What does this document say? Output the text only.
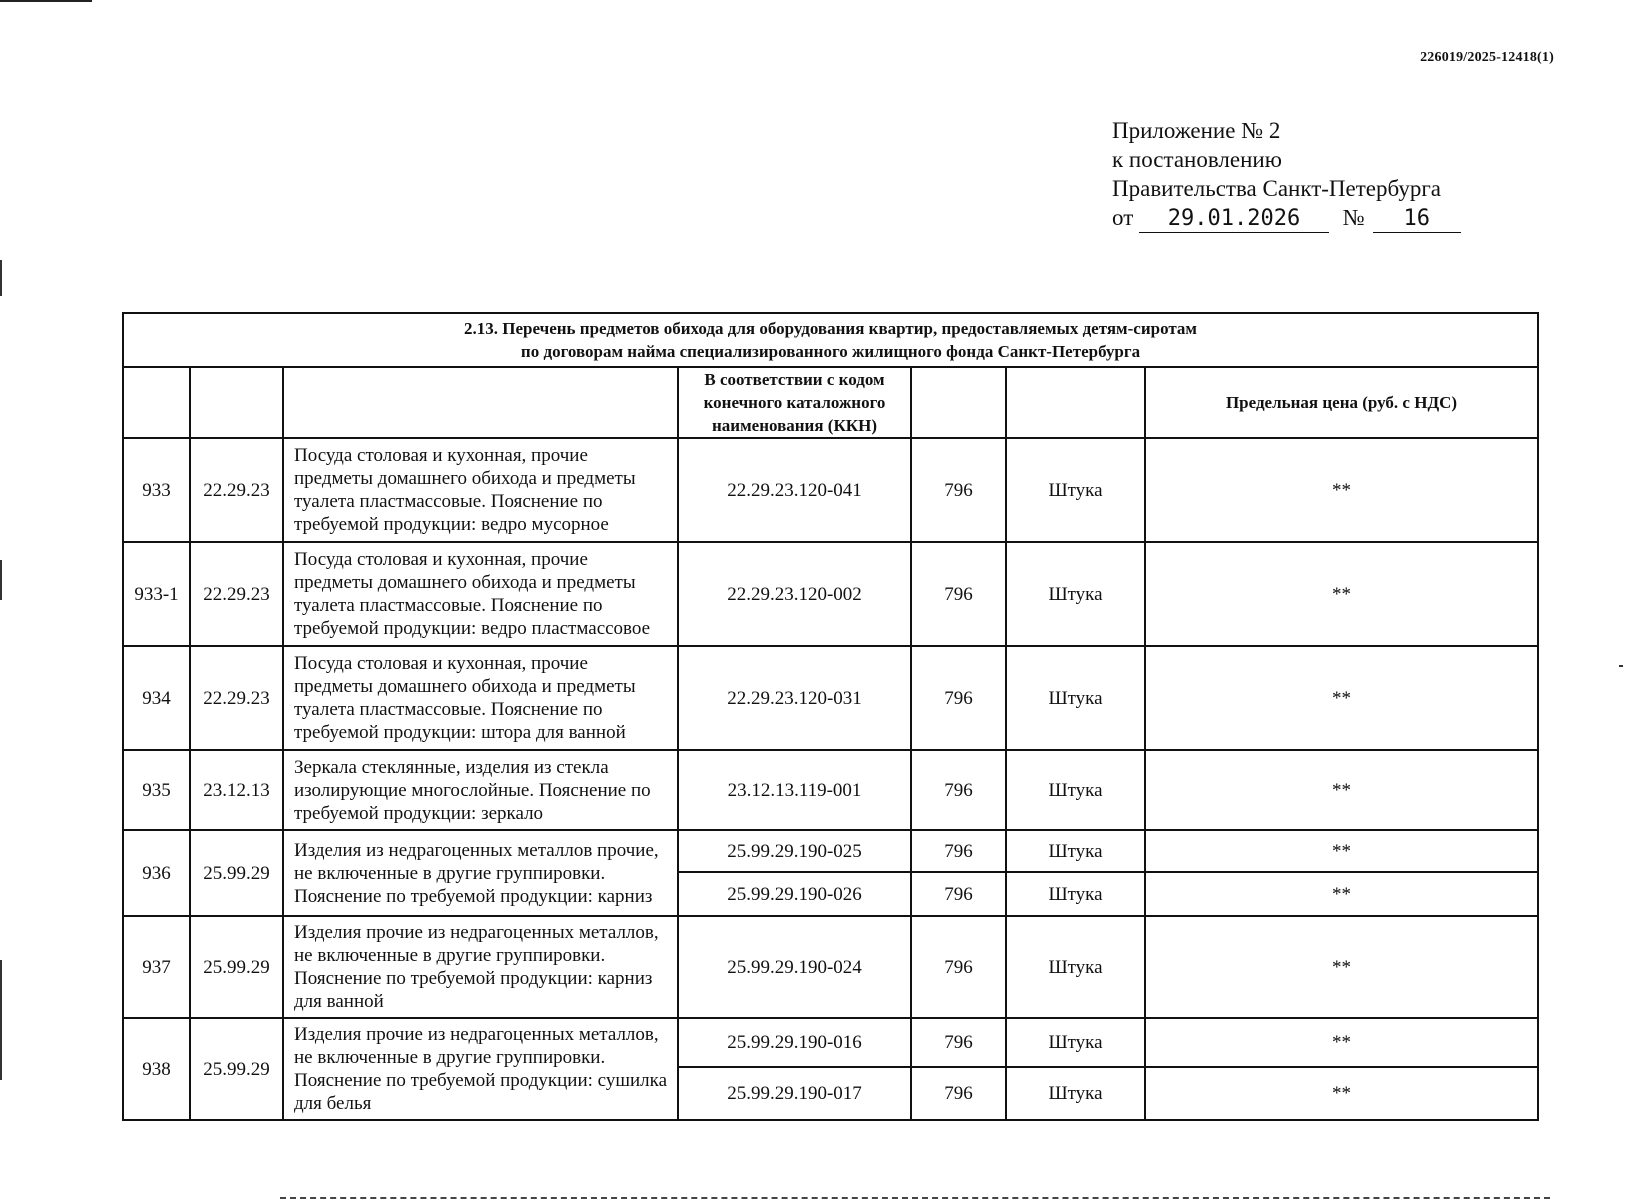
226019/2025-12418(1)
Приложение № 2
к постановлению
Правительства Санкт-Петербурга
от 29.01.2026 № 16
2.13. Перечень предметов обихода для оборудования квартир, предоставляемых детям-сиротам
по договорам найма специализированного жилищного фонда Санкт-Петербурга						

			В соответствии с кодом конечного каталожного наименования (ККН)			Предельная цена (руб. с НДС)
933	22.29.23	Посуда столовая и кухонная, прочие предметы домашнего обихода и предметы туалета пластмассовые. Пояснение по требуемой продукции: ведро мусорное	22.29.23.120-041	796	Штука	**
933-1	22.29.23	Посуда столовая и кухонная, прочие предметы домашнего обихода и предметы туалета пластмассовые. Пояснение по требуемой продукции: ведро пластмассовое	22.29.23.120-002	796	Штука	**
934	22.29.23	Посуда столовая и кухонная, прочие предметы домашнего обихода и предметы туалета пластмассовые. Пояснение по требуемой продукции: штора для ванной	22.29.23.120-031	796	Штука	**
935	23.12.13	Зеркала стеклянные, изделия из стекла изолирующие многослойные. Пояснение по требуемой продукции: зеркало	23.12.13.119-001	796	Штука	**
936	25.99.29	Изделия из недрагоценных металлов прочие, не включенные в другие группировки. Пояснение по требуемой продукции: карниз	25.99.29.190-025	796	Штука	**
			25.99.29.190-026	796	Штука	**
937	25.99.29	Изделия прочие из недрагоценных металлов, не включенные в другие группировки. Пояснение по требуемой продукции: карниз для ванной	25.99.29.190-024	796	Штука	**
938	25.99.29	Изделия прочие из недрагоценных металлов, не включенные в другие группировки. Пояснение по требуемой продукции: сушилка для белья	25.99.29.190-016	796	Штука	**
			25.99.29.190-017	796	Штука	**
